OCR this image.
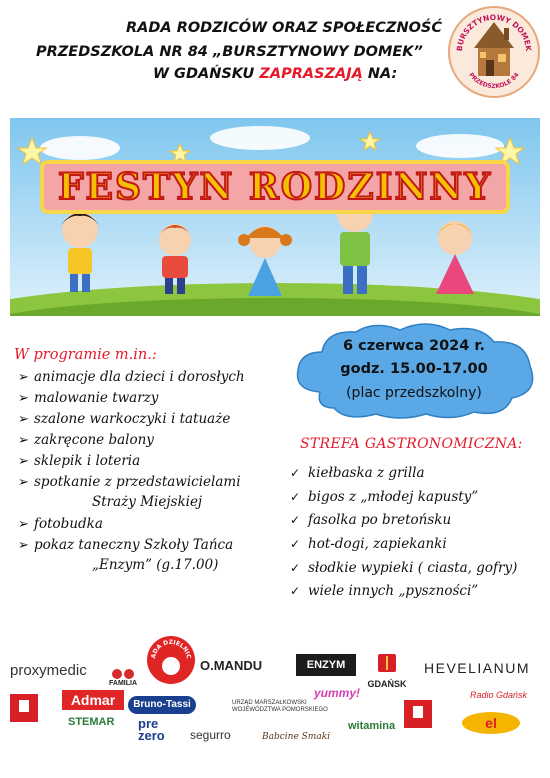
RADA RODZICÓW ORAZ SPOŁECZNOŚĆ
PRZEDSZKOLA NR 84 „BURSZTYNOWY DOMEK”
W GDAŃSKU ZAPRASZAJĄ NA:
BURSZTYNOWY DOMEK
PRZEDSZKOLE 84
FESTYN RODZINNY
6 czerwca 2024 r.
godz. 15.00-17.00
(plac przedszkolny)
W programie m.in.:
➢ animacje dla dzieci i dorosłych
➢ malowanie twarzy
➢ szalone warkoczyki i tatuaże
➢ zakręcone balony
➢ sklepik i loteria
➢ spotkanie z przedstawicielami
Straży Miejskiej
➢ fotobudka
➢ pokaz taneczny Szkoły Tańca
„Enzym” (g.17.00)
STREFA GASTRONOMICZNA:
✓ kiełbaska z grilla
✓ bigos z „młodej kapusty”
✓ fasolka po bretońsku
✓ hot-dogi, zapiekanki
✓ słodkie wypieki ( ciasta, gofry)
✓ wiele innych „pyszności”
proxymedic
FAMILIA
ADA DZIELNIC
O.MANDU	ENZYM
GDAŃSK
HEVELIANUM
Admar
STEMAR
Bruno-Tassi	URZĄD MARSZAŁKOWSKI
WOJEWÓDZTWA POMORSKIEGO
yummy!	Radio Gdańsk
el
pre
zero segurro	Babcine Smaki
witamina
